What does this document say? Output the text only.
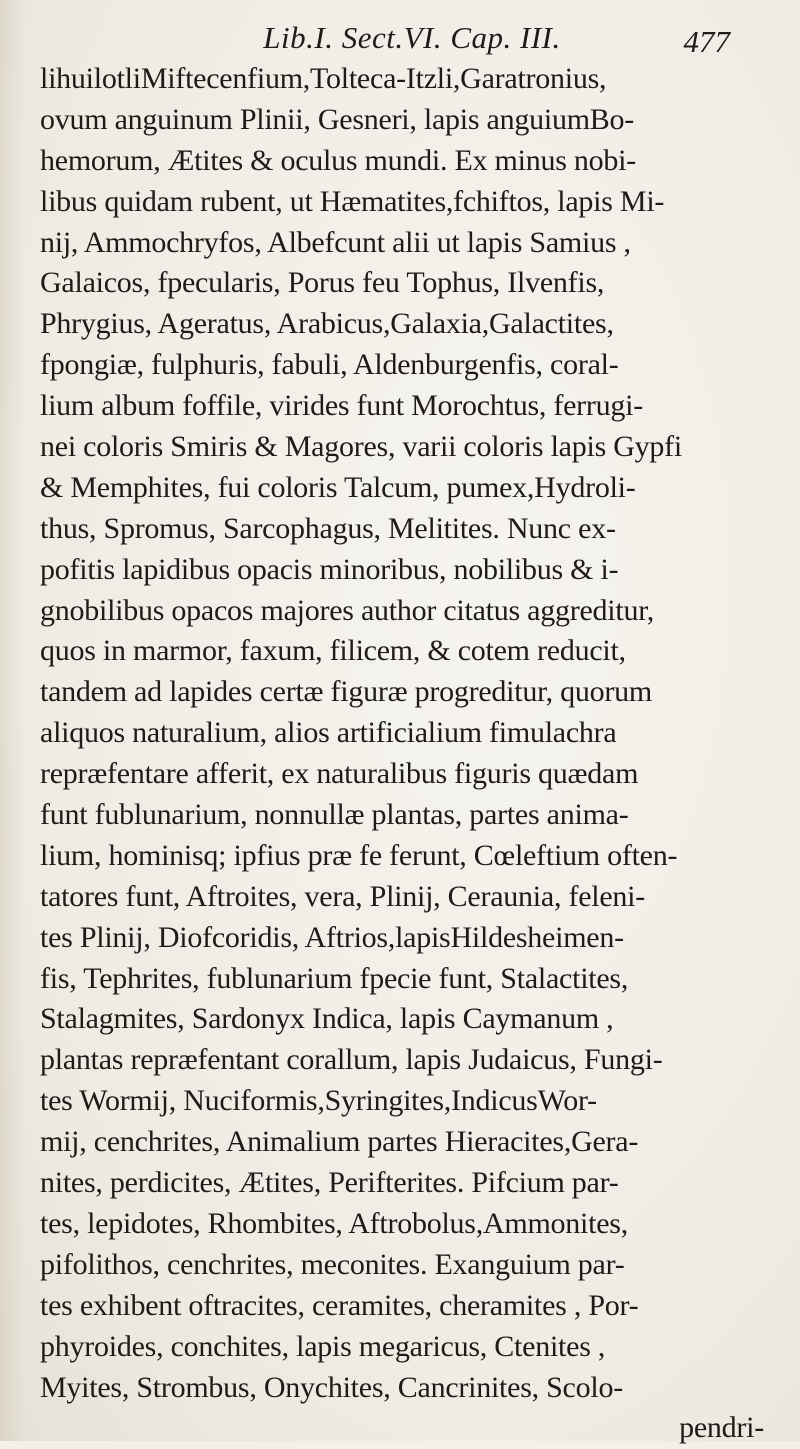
Lib.I. Sect.VI. Cap. III.	477
lihuilotliMiftecenfium,Tolteca-Itzli,Garatronius,
ovum anguinum Plinii, Gesneri, lapis anguiumBo-
hemorum, Ætites & oculus mundi. Ex minus nobi-
libus quidam rubent, ut Hæmatites,fchiftos, lapis Mi-
nij, Ammochryfos, Albefcunt alii ut lapis Samius ,
Galaicos, fpecularis, Porus feu Tophus, Ilvenfis,
Phrygius, Ageratus, Arabicus,Galaxia,Galactites,
fpongiæ, fulphuris, fabuli, Aldenburgenfis, coral-
lium album foffile, virides funt Morochtus, ferrugi-
nei coloris Smiris & Magores, varii coloris lapis Gypfi
& Memphites, fui coloris Talcum, pumex,Hydroli-
thus, Spromus, Sarcophagus, Melitites. Nunc ex-
pofitis lapidibus opacis minoribus, nobilibus & i-
gnobilibus opacos majores author citatus aggreditur,
quos in marmor, faxum, filicem, & cotem reducit,
tandem ad lapides certæ figuræ progreditur, quorum
aliquos naturalium, alios artificialium fimulachra
repræfentare afferit, ex naturalibus figuris quædam
funt fublunarium, nonnullæ plantas, partes anima-
lium, hominisq; ipfius præ fe ferunt, Cœleftium often-
tatores funt, Aftroites, vera, Plinij, Ceraunia, feleni-
tes Plinij, Diofcoridis, Aftrios,lapisHildesheimen-
fis, Tephrites, fublunarium fpecie funt, Stalactites,
Stalagmites, Sardonyx Indica, lapis Caymanum ,
plantas repræfentant corallum, lapis Judaicus, Fungi-
tes Wormij, Nuciformis,Syringites,IndicusWor-
mij, cenchrites, Animalium partes Hieracites,Gera-
nites, perdicites, Ætites, Perifterites. Pifcium par-
tes, lepidotes, Rhombites, Aftrobolus,Ammonites,
pifolithos, cenchrites, meconites. Exanguium par-
tes exhibent oftracites, ceramites, cheramites , Por-
phyroides, conchites, lapis megaricus, Ctenites ,
Myites, Strombus, Onychites, Cancrinites, Scolo-
pendri-
